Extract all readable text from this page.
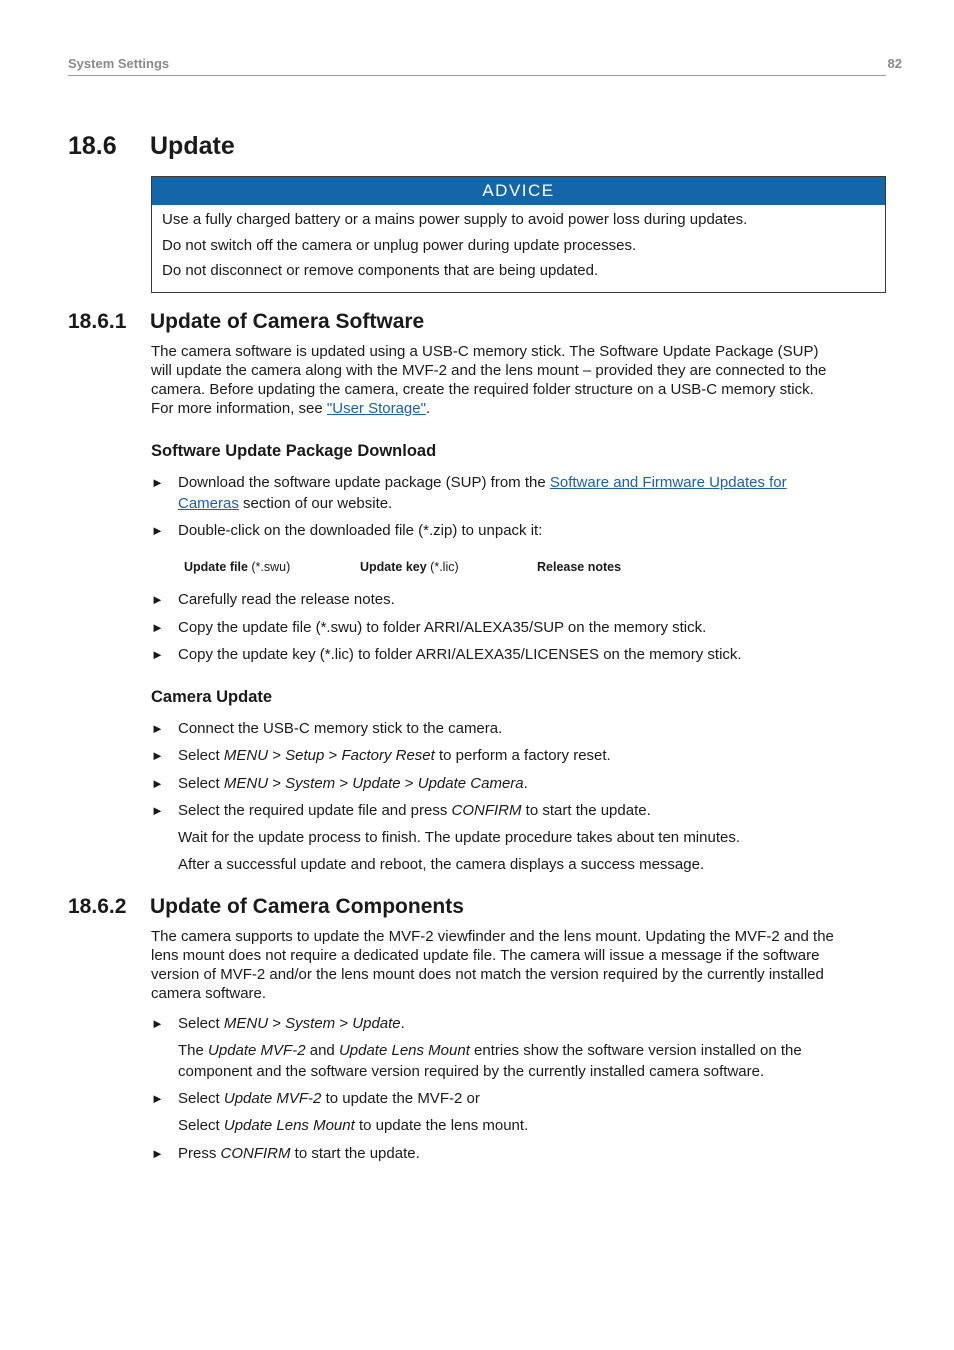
System Settings	82
18.6 Update
ADVICE
Use a fully charged battery or a mains power supply to avoid power loss during updates.
Do not switch off the camera or unplug power during update processes.
Do not disconnect or remove components that are being updated.
18.6.1 Update of Camera Software
The camera software is updated using a USB-C memory stick. The Software Update Package (SUP)
will update the camera along with the MVF-2 and the lens mount – provided they are connected to the
camera. Before updating the camera, create the required folder structure on a USB-C memory stick.
For more information, see "User Storage".
Software Update Package Download
► Download the software update package (SUP) from the Software and Firmware Updates for
Cameras section of our website.
► Double-click on the downloaded file (*.zip) to unpack it:
Update file (*.swu)	Update key (*.lic)	Release notes
► Carefully read the release notes.
► Copy the update file (*.swu) to folder ARRI/ALEXA35/SUP on the memory stick.
► Copy the update key (*.lic) to folder ARRI/ALEXA35/LICENSES on the memory stick.
Camera Update
► Connect the USB-C memory stick to the camera.
► Select MENU > Setup > Factory Reset to perform a factory reset.
► Select MENU > System > Update > Update Camera.
► Select the required update file and press CONFIRM to start the update.
Wait for the update process to finish. The update procedure takes about ten minutes.
After a successful update and reboot, the camera displays a success message.
18.6.2 Update of Camera Components
The camera supports to update the MVF-2 viewfinder and the lens mount. Updating the MVF-2 and the
lens mount does not require a dedicated update file. The camera will issue a message if the software
version of MVF-2 and/or the lens mount does not match the version required by the currently installed
camera software.
► Select MENU > System > Update.
The Update MVF-2 and Update Lens Mount entries show the software version installed on the
component and the software version required by the currently installed camera software.
► Select Update MVF-2 to update the MVF-2 or
Select Update Lens Mount to update the lens mount.
► Press CONFIRM to start the update.
